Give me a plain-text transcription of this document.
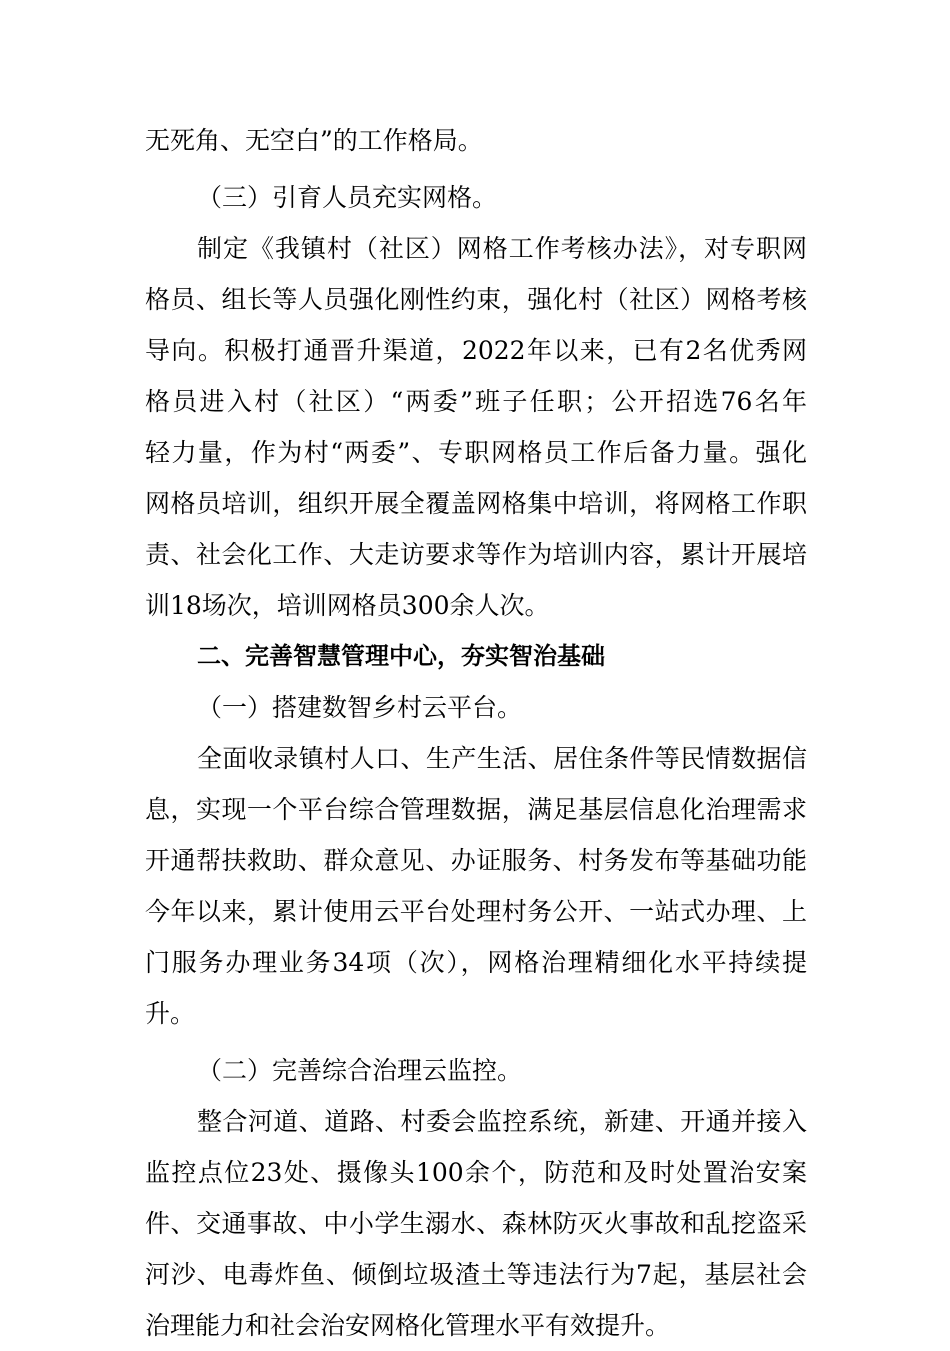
无死角、无空白”的工作格局。
（三）引育人员充实网格。
制定《我镇村（社区）网格工作考核办法》，对专职网
格员、组长等人员强化刚性约束，强化村（社区）网格考核
导向。积极打通晋升渠道，2022年以来，已有2名优秀网
格员进入村（社区）“两委”班子任职；公开招选76名年
轻力量，作为村“两委”、专职网格员工作后备力量。强化
网格员培训，组织开展全覆盖网格集中培训，将网格工作职
责、社会化工作、大走访要求等作为培训内容，累计开展培
训18场次，培训网格员300余人次。
二、完善智慧管理中心，夯实智治基础
（一）搭建数智乡村云平台。
全面收录镇村人口、生产生活、居住条件等民情数据信
息，实现一个平台综合管理数据，满足基层信息化治理需求
开通帮扶救助、群众意见、办证服务、村务发布等基础功能
今年以来，累计使用云平台处理村务公开、一站式办理、上
门服务办理业务34项（次），网格治理精细化水平持续提
升。
（二）完善综合治理云监控。
整合河道、道路、村委会监控系统，新建、开通并接入
监控点位23处、摄像头100余个，防范和及时处置治安案
件、交通事故、中小学生溺水、森林防灭火事故和乱挖盗采
河沙、电毒炸鱼、倾倒垃圾渣土等违法行为7起，基层社会
治理能力和社会治安网格化管理水平有效提升。
